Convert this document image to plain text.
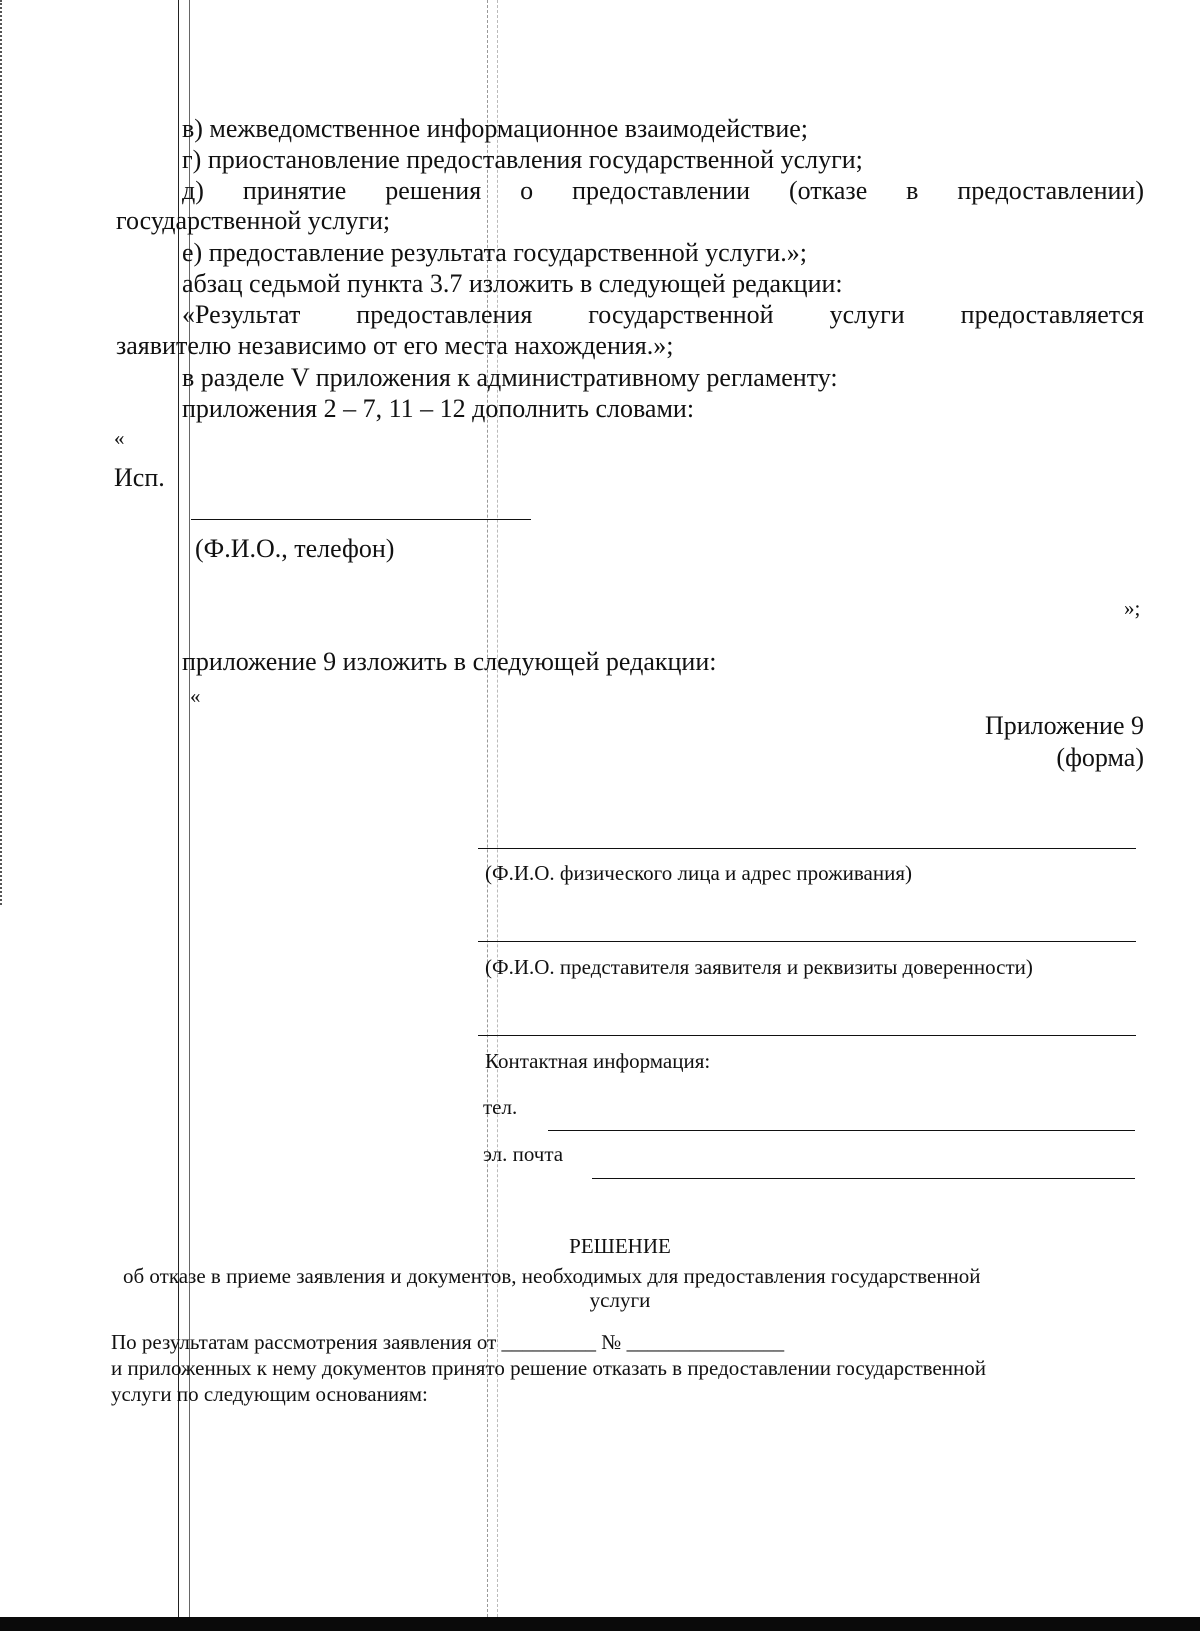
в) межведомственное информационное взаимодействие;
г) приостановление предоставления государственной услуги;
д) принятие решения о предоставлении (отказе в предоставлении)
государственной услуги;
е) предоставление результата государственной услуги.»;
абзац седьмой пункта 3.7 изложить в следующей редакции:
«Результат предоставления государственной услуги предоставляется
заявителю независимо от его места нахождения.»;
в разделе V приложения к административному регламенту:
приложения 2 – 7, 11 – 12 дополнить словами:
«
Исп.
(Ф.И.О., телефон)
»;
приложение 9 изложить в следующей редакции:
«
Приложение 9
(форма)
(Ф.И.О. физического лица и адрес проживания)
(Ф.И.О. представителя заявителя и реквизиты доверенности)
Контактная информация:
тел.
эл. почта
РЕШЕНИЕ
об отказе в приеме заявления и документов, необходимых для предоставления государственной
услуги
По результатам рассмотрения заявления от _________ № _______________
и приложенных к нему документов принято решение отказать в предоставлении государственной
услуги по следующим основаниям:
